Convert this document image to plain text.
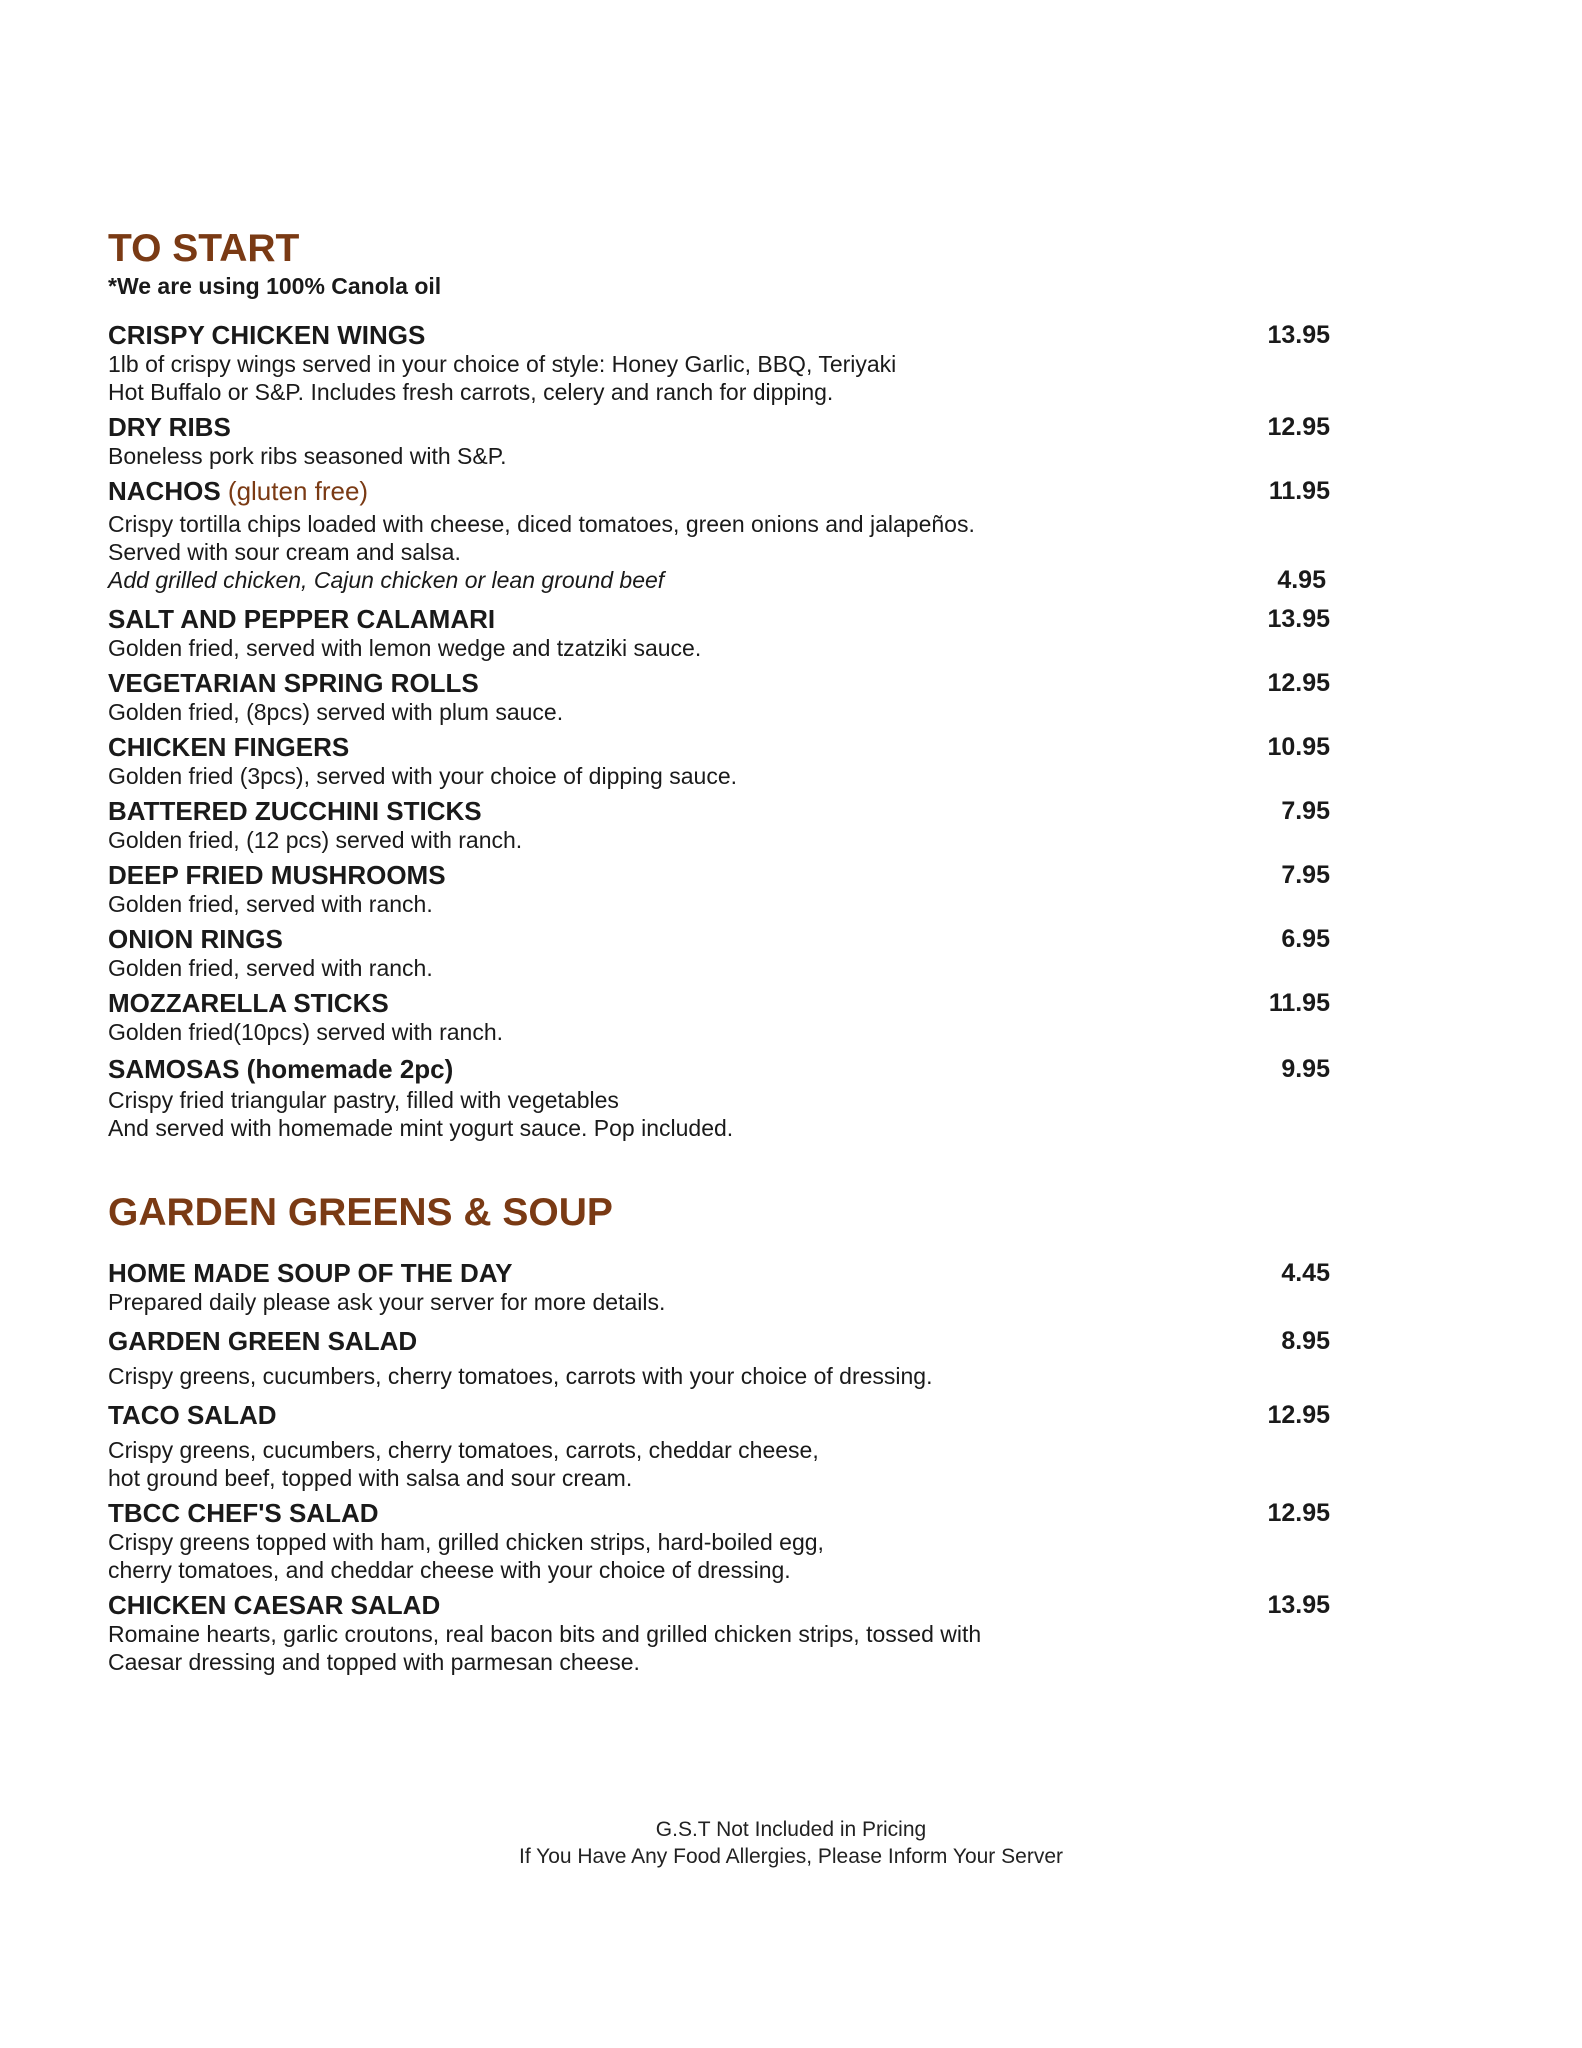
TO START

*We are using 100% Canola oil

CRISPY CHICKEN WINGS	13.95

1lb of crispy wings served in your choice of style: Honey Garlic, BBQ, Teriyaki

Hot Buffalo or S&P. Includes fresh carrots, celery and ranch for dipping.

DRY RIBS	12.95

Boneless pork ribs seasoned with S&P.

NACHOS (gluten free)	11.95

Crispy tortilla chips loaded with cheese, diced tomatoes, green onions and jalapeños.

Served with sour cream and salsa.

Add grilled chicken, Cajun chicken or lean ground beef	4.95
SALT AND PEPPER CALAMARI	13.95

Golden fried, served with lemon wedge and tzatziki sauce.

VEGETARIAN SPRING ROLLS	12.95

Golden fried, (8pcs) served with plum sauce.

CHICKEN FINGERS	10.95

Golden fried (3pcs), served with your choice of dipping sauce.

BATTERED ZUCCHINI STICKS	7.95

Golden fried, (12 pcs) served with ranch.

DEEP FRIED MUSHROOMS	7.95

Golden fried, served with ranch.

ONION RINGS	6.95

Golden fried, served with ranch.

MOZZARELLA STICKS	11.95

Golden fried(10pcs) served with ranch.

SAMOSAS (homemade 2pc)	9.95

Crispy fried triangular pastry, filled with vegetables

And served with homemade mint yogurt sauce. Pop included.

GARDEN GREENS & SOUP
HOME MADE SOUP OF THE DAY	4.45

Prepared daily please ask your server for more details.

GARDEN GREEN SALAD	8.95

Crispy greens, cucumbers, cherry tomatoes, carrots with your choice of dressing.

TACO SALAD	12.95

Crispy greens, cucumbers, cherry tomatoes, carrots, cheddar cheese,

hot ground beef, topped with salsa and sour cream.

TBCC CHEF'S SALAD	12.95

Crispy greens topped with ham, grilled chicken strips, hard-boiled egg,

cherry tomatoes, and cheddar cheese with your choice of dressing.

CHICKEN CAESAR SALAD	13.95

Romaine hearts, garlic croutons, real bacon bits and grilled chicken strips, tossed with

Caesar dressing and topped with parmesan cheese.

G.S.T Not Included in Pricing
If You Have Any Food Allergies, Please Inform Your Server
